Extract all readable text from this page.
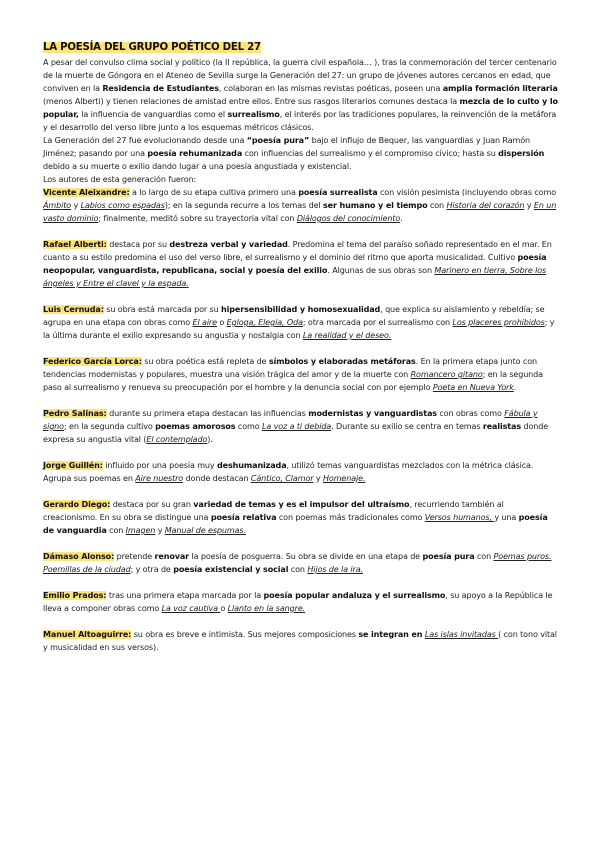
LA POESÍA DEL GRUPO POÉTICO DEL 27

A pesar del convulso clima social y político (la II república, la guerra civil española… ), tras la conmemoración del tercer centenario de la muerte de Góngora en el Ateneo de Sevilla surge la Generación del 27: un grupo de jóvenes autores cercanos en edad, que conviven en la Residencia de Estudiantes, colaboran en las mismas revistas poéticas, poseen una amplia formación literaria (menos Alberti) y tienen relaciones de amistad entre ellos. Entre sus rasgos literarios comunes destaca la mezcla de lo culto y lo popular, la influencia de vanguardias como el surrealismo, el interés por las tradiciones populares, la reinvención de la metáfora y el desarrollo del verso libre junto a los esquemas métricos clásicos.

La Generación del 27 fue evolucionando desde una “poesía pura” bajo el influjo de Bequer, las vanguardias y Juan Ramón Jiménez; pasando por una poesía rehumanizada con influencias del surrealismo y el compromiso cívico; hasta su dispersión debido a su muerte o exilio dando lugar a una poesía angustiada y existencial.

Los autores de esta generación fueron:

Vicente Aleixandre: a lo largo de su etapa cultiva primero una poesía surrealista con visión pesimista (incluyendo obras como Ámbito y Labios como espadas); en la segunda recurre a los temas del ser humano y el tiempo con Historia del corazón y En un vasto dominio; finalmente, meditó sobre su trayectoria vital con Diálogos del conocimiento.

Rafael Alberti: destaca por su destreza verbal y variedad. Predomina el tema del paraíso soñado representado en el mar. En cuanto a su estilo predomina el uso del verso libre, el surrealismo y el dominio del ritmo que aporta musicalidad. Cultivo poesía neopopular, vanguardista, republicana, social y poesía del exilio. Algunas de sus obras son Marinero en tierra, Sobre los ángeles y Entre el clavel y la espada.

Luis Cernuda: su obra está marcada por su hipersensibilidad y homosexualidad, que explica su aislamiento y rebeldía; se agrupa en una etapa con obras como El aire o Egloga, Elegia, Oda; otra marcada por el surrealismo con Los placeres prohibidos; y la última durante el exilio expresando su angustia y nostalgia con La realidad y el deseo.

Federico García Lorca: su obra poética está repleta de símbolos y elaboradas metáforas. En la primera etapa junto con tendencias modernistas y populares, muestra una visión trágica del amor y de la muerte con Romancero gitano; en la segunda paso al surrealismo y renueva su preocupación por el hombre y la denuncia social con por ejemplo Poeta en Nueva York.

Pedro Salinas: durante su primera etapa destacan las influencias modernistas y vanguardistas con obras como Fábula y signo; en la segunda cultivo poemas amorosos como La voz a ti debida. Durante su exilio se centra en temas realistas donde expresa su angustia vital (El contemplado).

Jorge Guillén: influido por una poesía muy deshumanizada, utilizó temas vanguardistas mezclados con la métrica clásica. Agrupa sus poemas en Aire nuestro donde destacan Cántico, Clamor y Homenaje.

Gerardo Diego: destaca por su gran variedad de temas y es el impulsor del ultraísmo, recurriendo también al creacionismo. En su obra se distingue una poesía relativa con poemas más tradicionales como Versos humanos, y una poesía de vanguardia con Imagen y Manual de espumas.

Dámaso Alonso: pretende renovar la poesía de posguerra. Su obra se divide en una etapa de poesía pura con Poemas puros. Poemillas de la ciudad; y otra de poesía existencial y social con Hijos de la ira.

Emilio Prados: tras una primera etapa marcada por la poesía popular andaluza y el surrealismo, su apoyo a la República le lleva a componer obras como La voz cautiva o Llanto en la sangre.

Manuel Altoaguirre: su obra es breve e intimista. Sus mejores composiciones se integran en Las islas invitadas ( con tono vital y musicalidad en sus versos).
